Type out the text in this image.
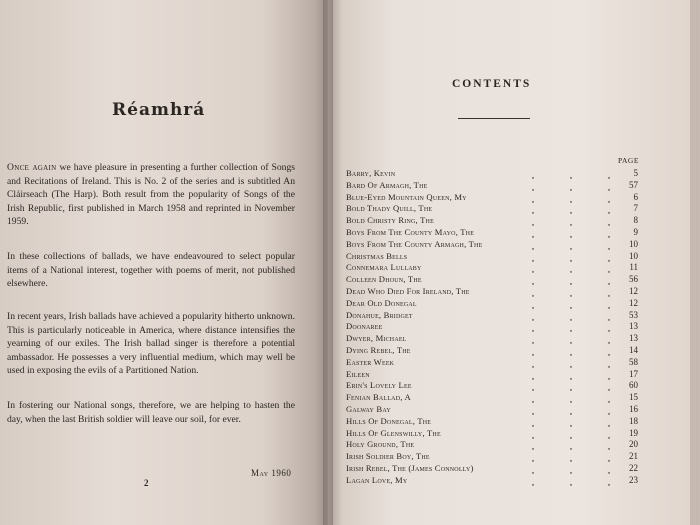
Réamhrá
Once again we have pleasure in presenting a further collection of Songs and Recitations of Ireland. This is No. 2 of the series and is subtitled An Cláirseach (The Harp). Both result from the popularity of Songs of the Irish Republic, first published in March 1958 and reprinted in November 1959.
In these collections of ballads, we have endeavoured to select popular items of a National interest, together with poems of merit, not published elsewhere.
In recent years, Irish ballads have achieved a popularity hitherto unknown. This is particularly noticeable in America, where distance intensifies the yearning of our exiles. The Irish ballad singer is therefore a potential ambassador. He possesses a very influential medium, which may well be used in exposing the evils of a Partitioned Nation.
In fostering our National songs, therefore, we are helping to hasten the day, when the last British soldier will leave our soil, for ever.
May 1960
2
CONTENTS
PAGE
Barry, Kevin	5
Bard Of Armagh, The	57
Blue-Eyed Mountain Queen, My	6
Bold Thady Quill, The	7
Bold Christy Ring, The	8
Boys From The County Mayo, The	9
Boys From The County Armagh, The	10
Christmas Bells	10
Connemara Lullaby	11
Colleen Dhoun, The	56
Dead Who Died For Ireland, The	12
Dear Old Donegal	12
Donahue, Bridget	53
Doonaree	13
Dwyer, Michael	13
Dying Rebel, The	14
Easter Week	58
Eileen	17
Erin's Lovely Lee	60
Fenian Ballad, A	15
Galway Bay	16
Hills Of Donegal, The	18
Hills Of Glenswilly, The	19
Holy Ground, The	20
Irish Soldier Boy, The	21
Irish Rebel, The (James Connolly)	22
Lagan Love, My	23
